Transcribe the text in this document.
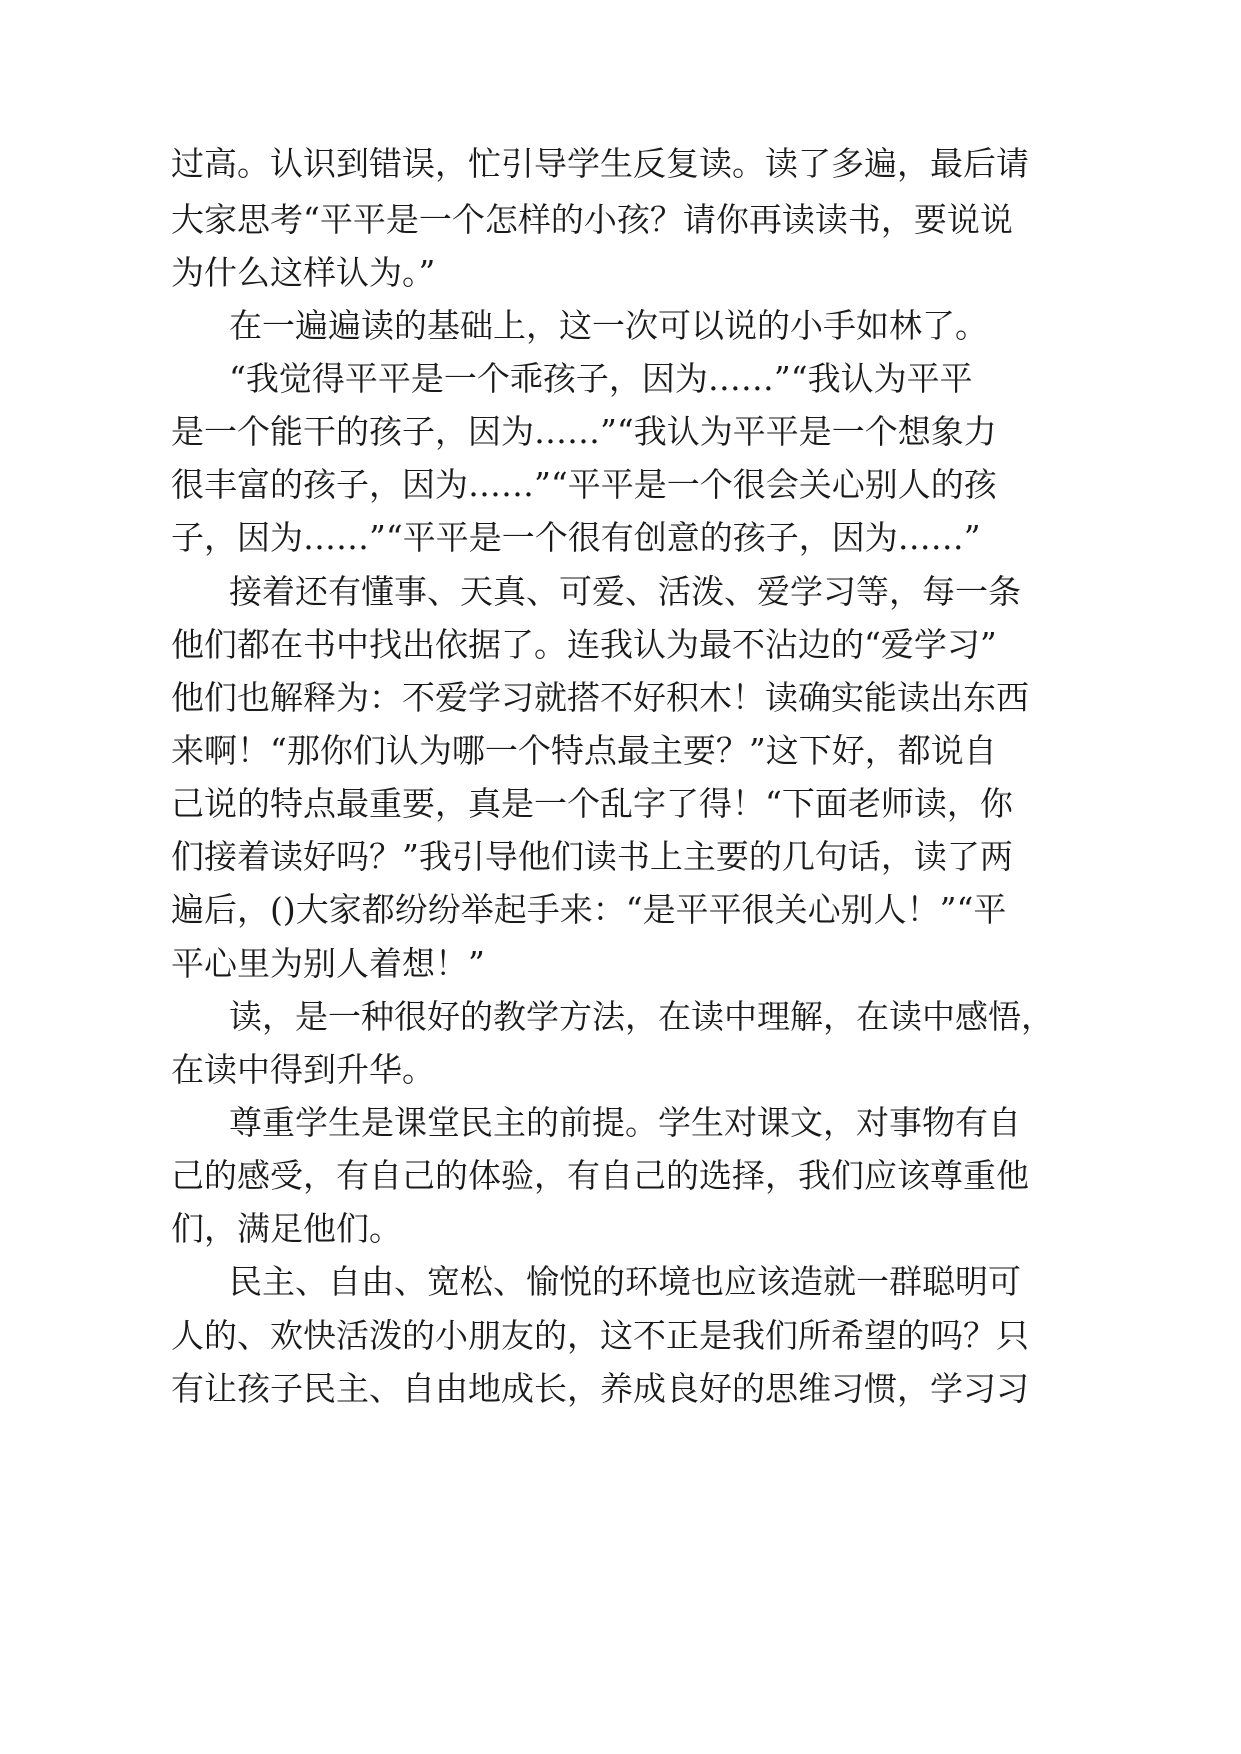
过高。认识到错误，忙引导学生反复读。读了多遍，最后请
大家思考“平平是一个怎样的小孩？请你再读读书，要说说
为什么这样认为。”
在一遍遍读的基础上，这一次可以说的小手如林了。
“我觉得平平是一个乖孩子，因为……”“我认为平平
是一个能干的孩子，因为……”“我认为平平是一个想象力
很丰富的孩子，因为……”“平平是一个很会关心别人的孩
子，因为……”“平平是一个很有创意的孩子，因为……”
接着还有懂事、天真、可爱、活泼、爱学习等，每一条
他们都在书中找出依据了。连我认为最不沾边的“爱学习”
他们也解释为：不爱学习就搭不好积木！读确实能读出东西
来啊！“那你们认为哪一个特点最主要？”这下好，都说自
己说的特点最重要，真是一个乱字了得！“下面老师读，你
们接着读好吗？”我引导他们读书上主要的几句话，读了两
遍后，()大家都纷纷举起手来：“是平平很关心别人！”“平
平心里为别人着想！”
读，是一种很好的教学方法，在读中理解，在读中感悟，
在读中得到升华。
尊重学生是课堂民主的前提。学生对课文，对事物有自
己的感受，有自己的体验，有自己的选择，我们应该尊重他
们，满足他们。
民主、自由、宽松、愉悦的环境也应该造就一群聪明可
人的、欢快活泼的小朋友的，这不正是我们所希望的吗？只
有让孩子民主、自由地成长，养成良好的思维习惯，学习习
